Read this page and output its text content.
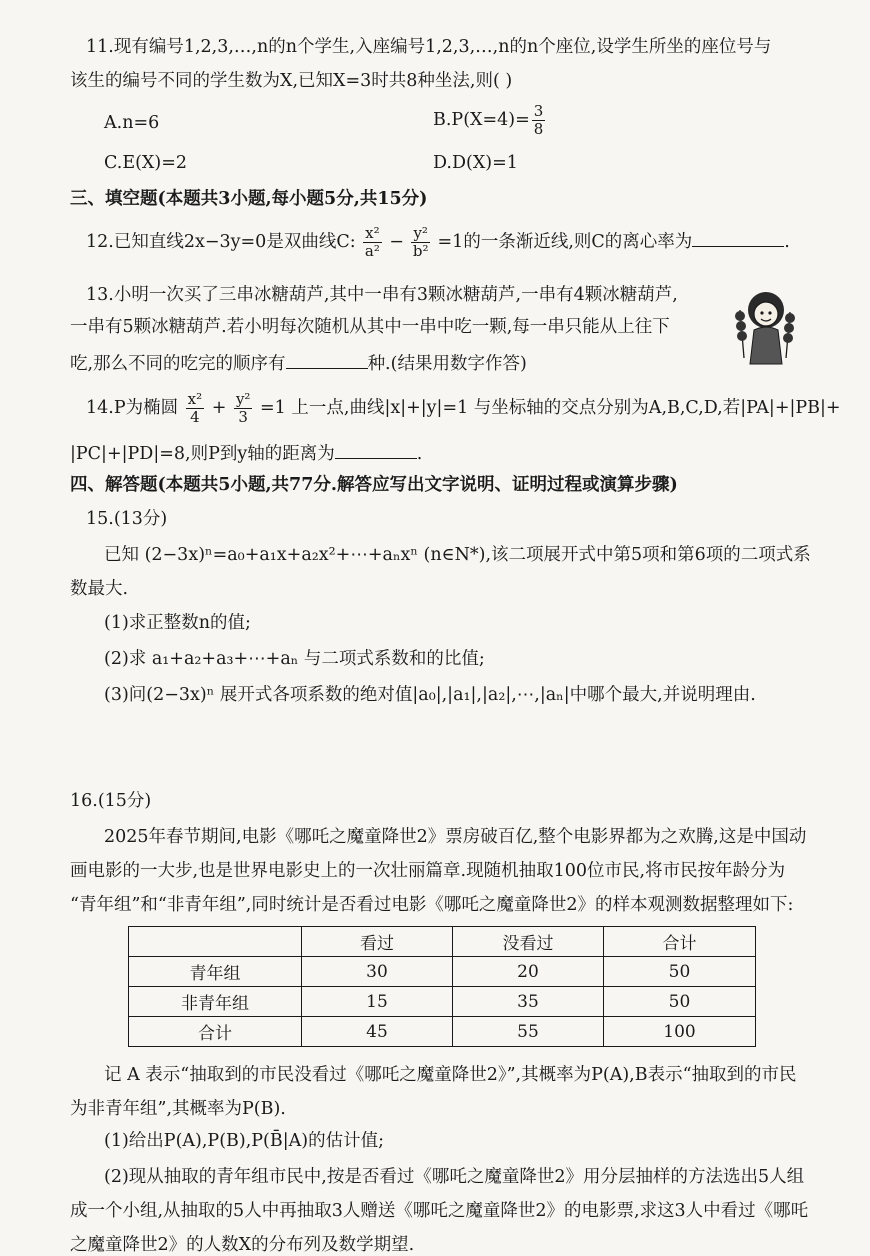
11.现有编号1,2,3,…,n的n个学生,入座编号1,2,3,…,n的n个座位,设学生所坐的座位号与
该生的编号不同的学生数为X,已知X=3时共8种坐法,则( )
A.n=6	$B.P(X=4)= \frac{3}{8}$
C.E(X)=2	D.D(X)=1
三、填空题(本题共3小题,每小题5分,共15分)
12.已知直线2x−3y=0是双曲线C: $\frac{\text{x²}}{\text{a²}} - \frac{\text{y²}}{\text{b²}} =1$的一条渐近线,则C的离心率为	.
13.小明一次买了三串冰糖葫芦,其中一串有3颗冰糖葫芦,一串有4颗冰糖葫芦,
一串有5颗冰糖葫芦.若小明每次随机从其中一串中吃一颗,每一串只能从上往下
吃,那么不同的吃完的顺序有	种.(结果用数字作答)
14.P为椭圆 $\frac{\text{x²}}{4} + \frac{\text{y²}}{3} =1$ 上一点,曲线|x|+|y|=1 与坐标轴的交点分别为A,B,C,D,若|PA|+|PB|+
|PC|+|PD|=8,则P到y轴的距离为	.
四、解答题(本题共5小题,共77分.解答应写出文字说明、证明过程或演算步骤)
15.(13分)
已知 (2−3x)ⁿ=a₀+a₁x+a₂x²+⋯+aₙxⁿ (n∈N*),该二项展开式中第5项和第6项的二项式系
数最大.
(1)求正整数n的值;
(2)求 a₁+a₂+a₃+⋯+aₙ 与二项式系数和的比值;
(3)问(2−3x)ⁿ 展开式各项系数的绝对值|a₀|,|a₁|,|a₂|,⋯,|aₙ|中哪个最大,并说明理由.
16.(15分)
2025年春节期间,电影《哪吒之魔童降世2》票房破百亿,整个电影界都为之欢腾,这是中国动
画电影的一大步,也是世界电影史上的一次壮丽篇章.现随机抽取100位市民,将市民按年龄分为
“青年组”和“非青年组”,同时统计是否看过电影《哪吒之魔童降世2》的样本观测数据整理如下:
	看过	没看过	合计
青年组	30	20	50
非青年组	15	35	50
合计	45	55	100
记 A 表示“抽取到的市民没看过《哪吒之魔童降世2》”,其概率为P(A),B表示“抽取到的市民
为非青年组”,其概率为P(B).
(1)给出P(A),P(B),P(B̄|A)的估计值;
(2)现从抽取的青年组市民中,按是否看过《哪吒之魔童降世2》用分层抽样的方法选出5人组
成一个小组,从抽取的5人中再抽取3人赠送《哪吒之魔童降世2》的电影票,求这3人中看过《哪吒
之魔童降世2》的人数X的分布列及数学期望.
